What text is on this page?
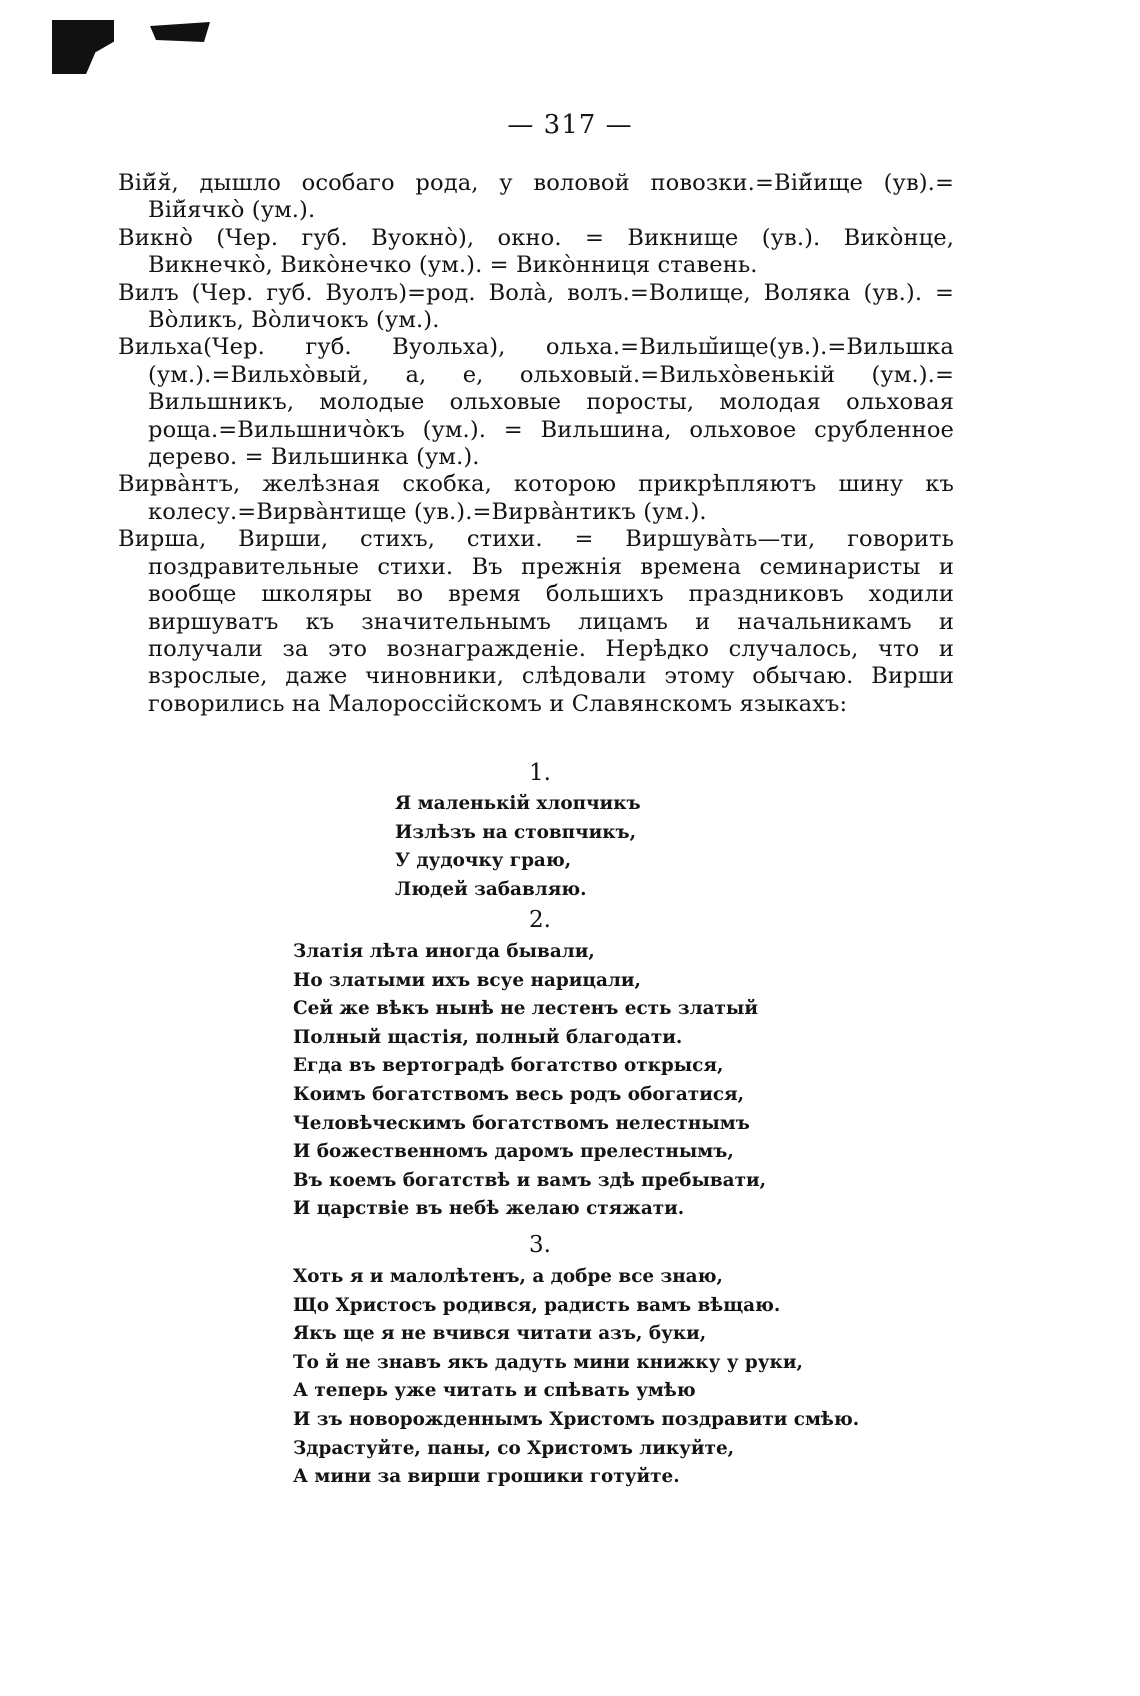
— 317 —

Вій̆я̆, дышло особаго рода, у воловой повозки.=Вій̆ище (ув).= Вій̆ячкò (ум.).

Викнò (Чер. губ. Вуокнò), окно. = Викнище (ув.). Викòнце, Викнечкò, Викòнечко (ум.). = Викòнниця ставень.

Вилъ (Чер. губ. Вуолъ)=род. Волà, волъ.=Волище, Воляка (ув.). = Вòликъ, Вòличокъ (ум.).

Вильха(Чер. губ. Вуольха), ольха.=Вильш̆ище(ув.).=Вильшка (ум.).=Вильхòвый, а, е, ольховый.=Вильхòвенькій (ум.).= Вильшникъ, молодые ольховые поросты, молодая ольховая роща.=Вильшничòкъ (ум.). = Вильшина, ольховое срубленное дерево. = Вильшинка (ум.).

Вирвàнтъ, желѣзная скобка, которою прикрѣпляютъ шину къ колесу.=Вирвàнтище (ув.).=Вирвàнтикъ (ум.).

Вирша, Вирши, стихъ, стихи. = Виршувàть—ти, говорить поздравительные стихи. Въ прежнія времена семинаристы и вообще школяры во время большихъ праздниковъ ходили виршуватъ къ значительнымъ лицамъ и начальникамъ и получали за это вознагражденіе. Нерѣдко случалось, что и взрослые, даже чиновники, слѣдовали этому обычаю. Вирши говорились на Малороссійскомъ и Славянскомъ языкахъ:

1.

Я маленькій хлопчикъ
Излѣзъ на стовпчикъ,
У дудочку граю,
Людей забавляю.

2.

Златія лѣта иногда бывали,
Но златыми ихъ всуе нарицали,
Сей же вѣкъ нынѣ не лестенъ есть златый
Полный щастія, полный благодати.
Егда въ вертоградѣ богатство открыся,
Коимъ богатствомъ весь родъ обогатися,
Человѣческимъ богатствомъ нелестнымъ
И божественномъ даромъ прелестнымъ,
Въ коемъ богатствѣ и вамъ здѣ пребывати,
И царствіе въ небѣ желаю стяжати.

3.

Хоть я и малолѣтенъ, а добре все знаю,
Що Христосъ родився, радисть вамъ вѣщаю.
Якъ ще я не вчився читати азъ, буки,
То й не знавъ якъ дадуть мини книжку у руки,
А теперь уже читать и спѣвать умѣю
И зъ новорожденнымъ Христомъ поздравити смѣю.
Здрастуйте, паны, со Христомъ ликуйте,
А мини за вирши грошики готуйте.
